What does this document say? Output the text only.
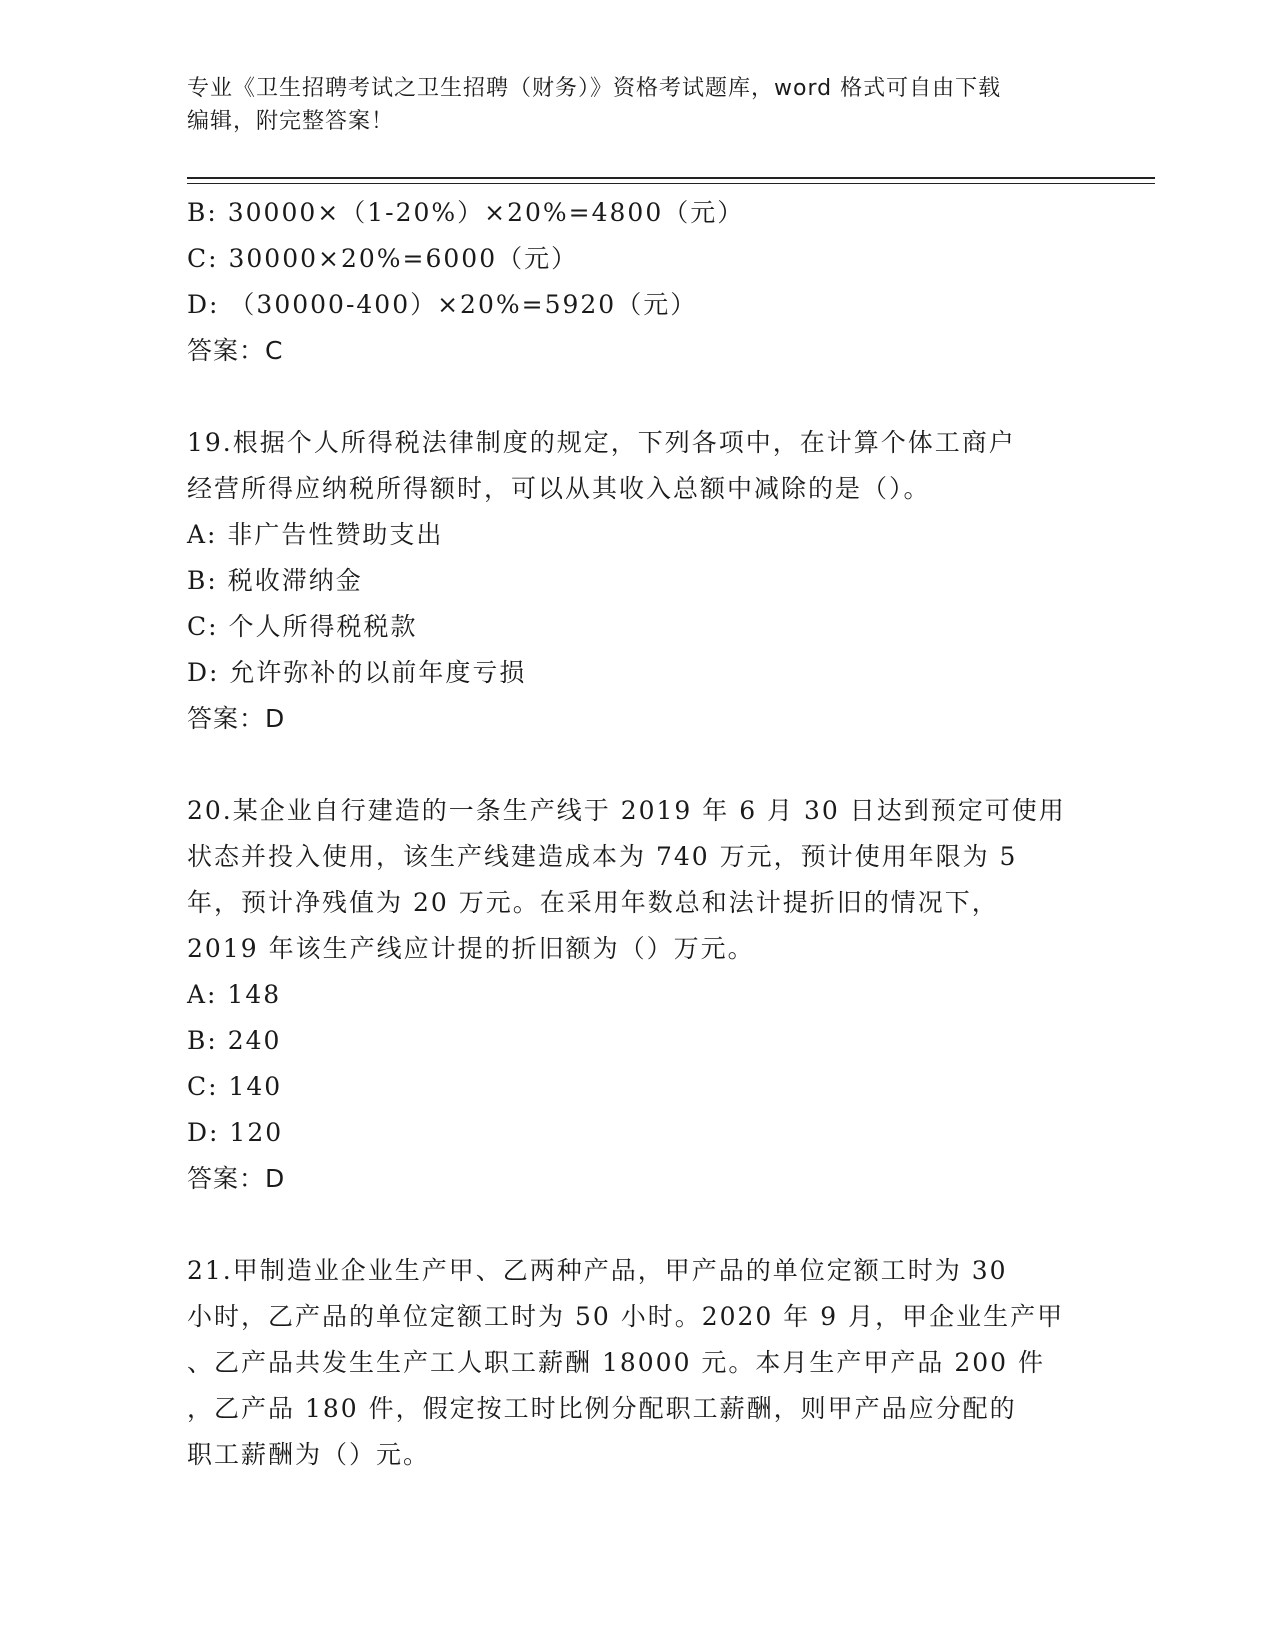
专业《卫生招聘考试之卫生招聘（财务）》资格考试题库，word 格式可自由下载
编辑，附完整答案！
B: 30000×（1-20%）×20%=4800（元）
C: 30000×20%=6000（元）
D: （30000-400）×20%=5920（元）
答案：C
19.根据个人所得税法律制度的规定，下列各项中，在计算个体工商户
经营所得应纳税所得额时，可以从其收入总额中减除的是（）。
A: 非广告性赞助支出
B: 税收滞纳金
C: 个人所得税税款
D: 允许弥补的以前年度亏损
答案：D
20.某企业自行建造的一条生产线于 2019 年 6 月 30 日达到预定可使用
状态并投入使用，该生产线建造成本为 740 万元，预计使用年限为 5
年，预计净残值为 20 万元。在采用年数总和法计提折旧的情况下，
2019 年该生产线应计提的折旧额为（）万元。
A: 148
B: 240
C: 140
D: 120
答案：D
21.甲制造业企业生产甲、乙两种产品，甲产品的单位定额工时为 30
小时，乙产品的单位定额工时为 50 小时。2020 年 9 月，甲企业生产甲
、乙产品共发生生产工人职工薪酬 18000 元。本月生产甲产品 200 件
，乙产品 180 件，假定按工时比例分配职工薪酬，则甲产品应分配的
职工薪酬为（）元。
